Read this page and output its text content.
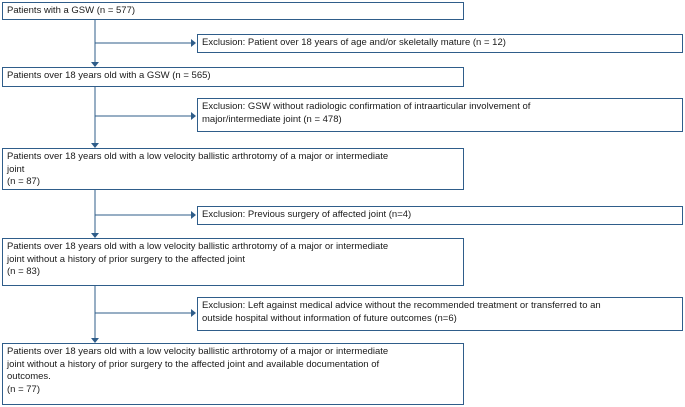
Patients with a GSW (n = 577)
Patients over 18 years old with a GSW (n = 565)
Patients over 18 years old with a low velocity ballistic arthrotomy of a major or intermediate
joint
(n = 87)
Patients over 18 years old with a low velocity ballistic arthrotomy of a major or intermediate
joint without a history of prior surgery to the affected joint
(n = 83)
Patients over 18 years old with a low velocity ballistic arthrotomy of a major or intermediate
joint without a history of prior surgery to the affected joint and available documentation of
outcomes.
(n = 77)
Exclusion: Patient over 18 years of age and/or skeletally mature (n = 12)
Exclusion: GSW without radiologic confirmation of intraarticular involvement of
major/intermediate joint (n = 478)
Exclusion: Previous surgery of affected joint (n=4)
Exclusion: Left against medical advice without the recommended treatment or transferred to an
outside hospital without information of future outcomes (n=6)
